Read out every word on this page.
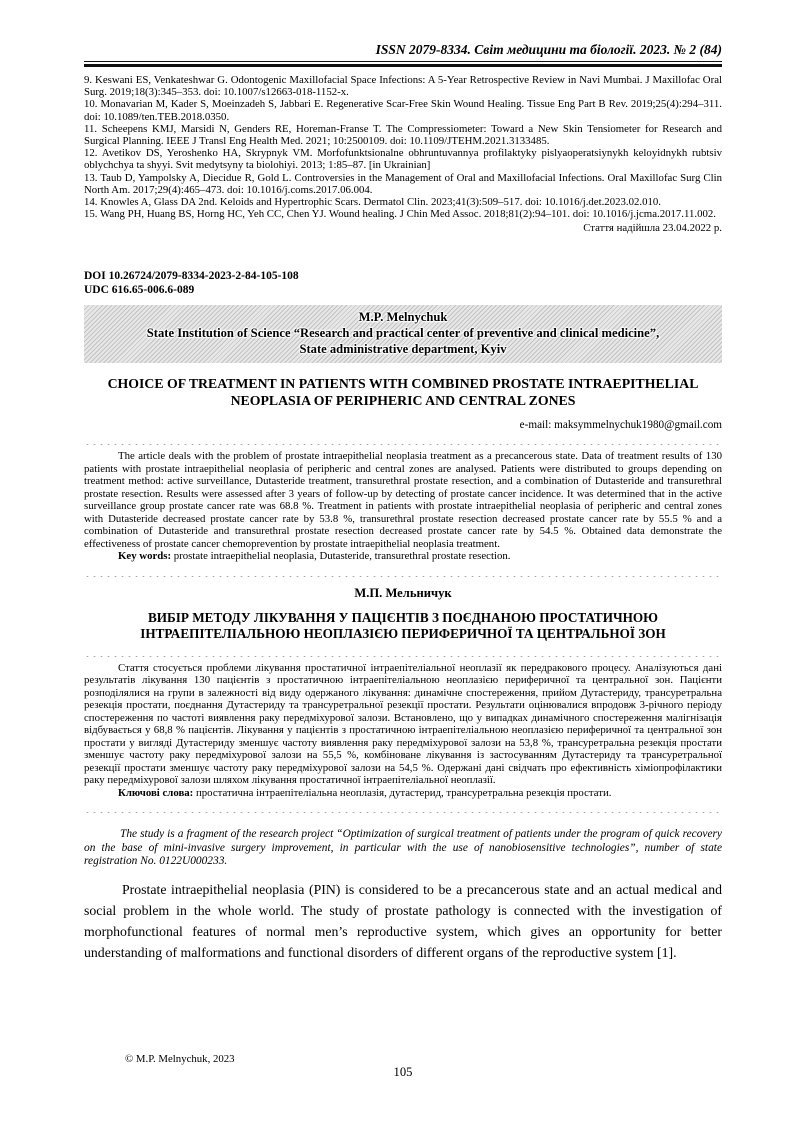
ISSN 2079-8334. Світ медицини та біології. 2023. № 2 (84)

9. Keswani ES, Venkateshwar G. Odontogenic Maxillofacial Space Infections: A 5-Year Retrospective Review in Navi Mumbai. J Maxillofac Oral Surg. 2019;18(3):345–353. doi: 10.1007/s12663-018-1152-x.

10. Monavarian M, Kader S, Moeinzadeh S, Jabbari E. Regenerative Scar-Free Skin Wound Healing. Tissue Eng Part B Rev. 2019;25(4):294–311. doi: 10.1089/ten.TEB.2018.0350.

11. Scheepens KMJ, Marsidi N, Genders RE, Horeman-Franse T. The Compressiometer: Toward a New Skin Tensiometer for Research and Surgical Planning. IEEE J Transl Eng Health Med. 2021; 10:2500109. doi: 10.1109/JTEHM.2021.3133485.

12. Avetikov DS, Yeroshenko HA, Skrypnyk VM. Morfofunktsionalne obhruntuvannya profilaktyky pislyaoperatsiynykh keloyidnykh rubtsiv oblychchya ta shyyi. Svit medytsyny ta biolohiyi. 2013; 1:85–87. [in Ukrainian]

13. Taub D, Yampolsky A, Diecidue R, Gold L. Controversies in the Management of Oral and Maxillofacial Infections. Oral Maxillofac Surg Clin North Am. 2017;29(4):465–473. doi: 10.1016/j.coms.2017.06.004.

14. Knowles A, Glass DA 2nd. Keloids and Hypertrophic Scars. Dermatol Clin. 2023;41(3):509–517. doi: 10.1016/j.det.2023.02.010.

15. Wang PH, Huang BS, Horng HC, Yeh CC, Chen YJ. Wound healing. J Chin Med Assoc. 2018;81(2):94–101. doi: 10.1016/j.jcma.2017.11.002.

Стаття надійшла 23.04.2022 р.
DOI 10.26724/2079-8334-2023-2-84-105-108
UDC 616.65-006.6-089
M.P. Melnychuk
State Institution of Science “Research and practical center of preventive and clinical medicine”,
State administrative department, Kyiv
CHOICE OF TREATMENT IN PATIENTS WITH COMBINED PROSTATE INTRAEPITHELIAL NEOPLASIA OF PERIPHERIC AND CENTRAL ZONES
e-mail: maksymmelnychuk1980@gmail.com

The article deals with the problem of prostate intraepithelial neoplasia treatment as a precancerous state. Data of treatment results of 130 patients with prostate intraepithelial neoplasia of peripheric and central zones are analysed. Patients were distributed to groups depending on treatment method: active surveillance, Dutasteride treatment, transurethral prostate resection, and a combination of Dutasteride and transurethral prostate resection. Results were assessed after 3 years of follow-up by detecting of prostate cancer incidence. It was determined that in the active surveillance group prostate cancer rate was 68.8 %. Treatment in patients with prostate intraepithelial neoplasia of peripheric and central zones with Dutasteride decreased prostate cancer rate by 53.8 %, transurethral prostate resection decreased prostate cancer rate by 55.5 % and a combination of Dutasteride and transurethral prostate resection decreased prostate cancer rate by 54.5 %. Obtained data demonstrate the effectiveness of prostate cancer chemoprevention by prostate intraepithelial neoplasia treatment.

Key words: prostate intraepithelial neoplasia, Dutasteride, transurethral prostate resection.
М.П. Мельничук
ВИБІР МЕТОДУ ЛІКУВАННЯ У ПАЦІЄНТІВ З ПОЄДНАНОЮ ПРОСТАТИЧНОЮ ІНТРАЕПІТЕЛІАЛЬНОЮ НЕОПЛАЗІЄЮ ПЕРИФЕРИЧНОЇ ТА ЦЕНТРАЛЬНОЇ ЗОН

Стаття стосується проблеми лікування простатичної інтраепітеліальної неоплазії як передракового процесу. Аналізуються дані результатів лікування 130 пацієнтів з простатичною інтраепітеліальною неоплазією периферичної та центральної зон. Пацієнти розподілялися на групи в залежності від виду одержаного лікування: динамічне спостереження, прийом Дутастериду, трансуретральна резекція простати, поєднання Дутастериду та трансуретральної резекції простати. Результати оцінювалися впродовж 3-річного періоду спостереження по частоті виявлення раку передміхурової залози. Встановлено, що у випадках динамічного спостереження малігнізація відбувається у 68,8 % пацієнтів. Лікування у пацієнтів з простатичною інтраепітеліальною неоплазією периферичної та центральної зон простати у вигляді Дутастериду зменшує частоту виявлення раку передміхурової залози на 53,8 %, трансуретральна резекція простати зменшує частоту раку передміхурової залози на 55,5 %, комбіноване лікування із застосуванням Дутастериду та трансуретральної резекції простати зменшує частоту раку передміхурової залози на 54,5 %. Одержані дані свідчать про ефективність хіміопрофілактики раку передміхурової залози шляхом лікування простатичної інтраепітеліальної неоплазії.

Ключові слова: простатична інтраепітеліальна неоплазія, дутастерид, трансуретральна резекція простати.
The study is a fragment of the research project “Optimization of surgical treatment of patients under the program of quick recovery on the base of mini-invasive surgery improvement, in particular with the use of nanobiosensitive technologies”, number of state registration No. 0122U000233.
Prostate intraepithelial neoplasia (PIN) is considered to be a precancerous state and an actual medical and social problem in the whole world. The study of prostate pathology is connected with the investigation of morphofunctional features of normal men’s reproductive system, which gives an opportunity for better understanding of malformations and functional disorders of different organs of the reproductive system [1].
© M.P. Melnychuk, 2023
105
